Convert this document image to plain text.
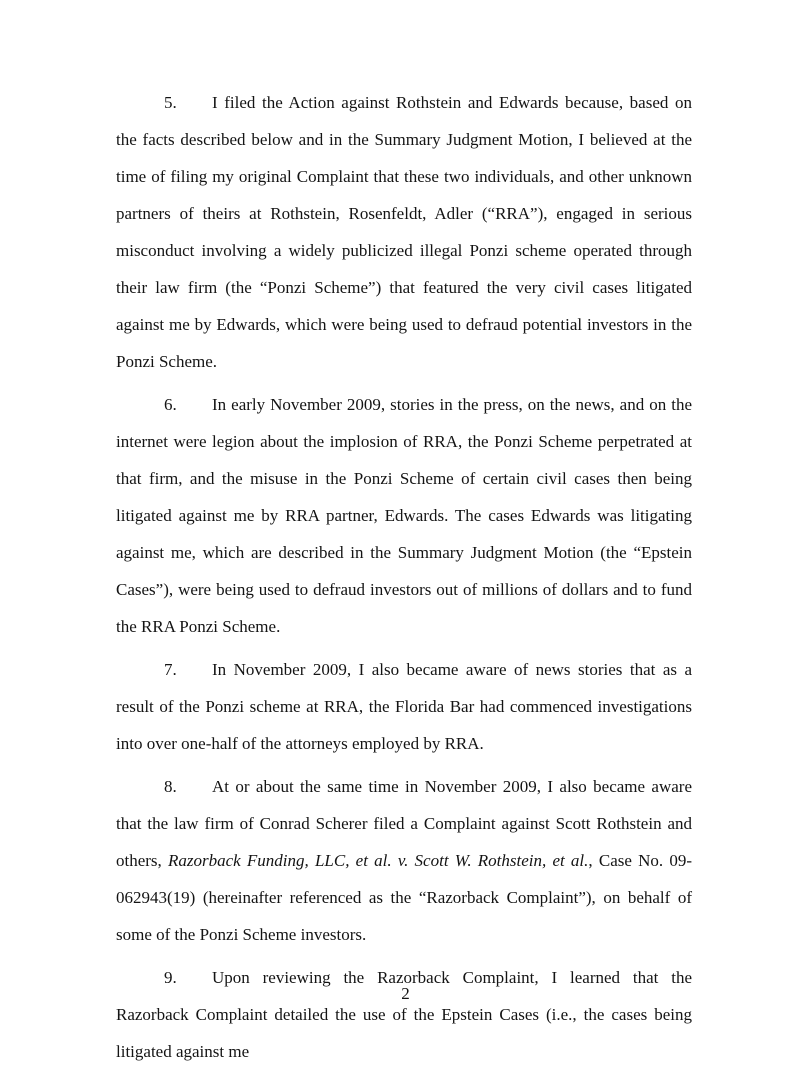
5. I filed the Action against Rothstein and Edwards because, based on the facts described below and in the Summary Judgment Motion, I believed at the time of filing my original Complaint that these two individuals, and other unknown partners of theirs at Rothstein, Rosenfeldt, Adler (“RRA”), engaged in serious misconduct involving a widely publicized illegal Ponzi scheme operated through their law firm (the “Ponzi Scheme”) that featured the very civil cases litigated against me by Edwards, which were being used to defraud potential investors in the Ponzi Scheme.

6. In early November 2009, stories in the press, on the news, and on the internet were legion about the implosion of RRA, the Ponzi Scheme perpetrated at that firm, and the misuse in the Ponzi Scheme of certain civil cases then being litigated against me by RRA partner, Edwards. The cases Edwards was litigating against me, which are described in the Summary Judgment Motion (the “Epstein Cases”), were being used to defraud investors out of millions of dollars and to fund the RRA Ponzi Scheme.

7. In November 2009, I also became aware of news stories that as a result of the Ponzi scheme at RRA, the Florida Bar had commenced investigations into over one-half of the attorneys employed by RRA.

8. At or about the same time in November 2009, I also became aware that the law firm of Conrad Scherer filed a Complaint against Scott Rothstein and others, Razorback Funding, LLC, et al. v. Scott W. Rothstein, et al., Case No. 09-062943(19) (hereinafter referenced as the “Razorback Complaint”), on behalf of some of the Ponzi Scheme investors.

9. Upon reviewing the Razorback Complaint, I learned that the Razorback Complaint detailed the use of the Epstein Cases (i.e., the cases being litigated against me

2
